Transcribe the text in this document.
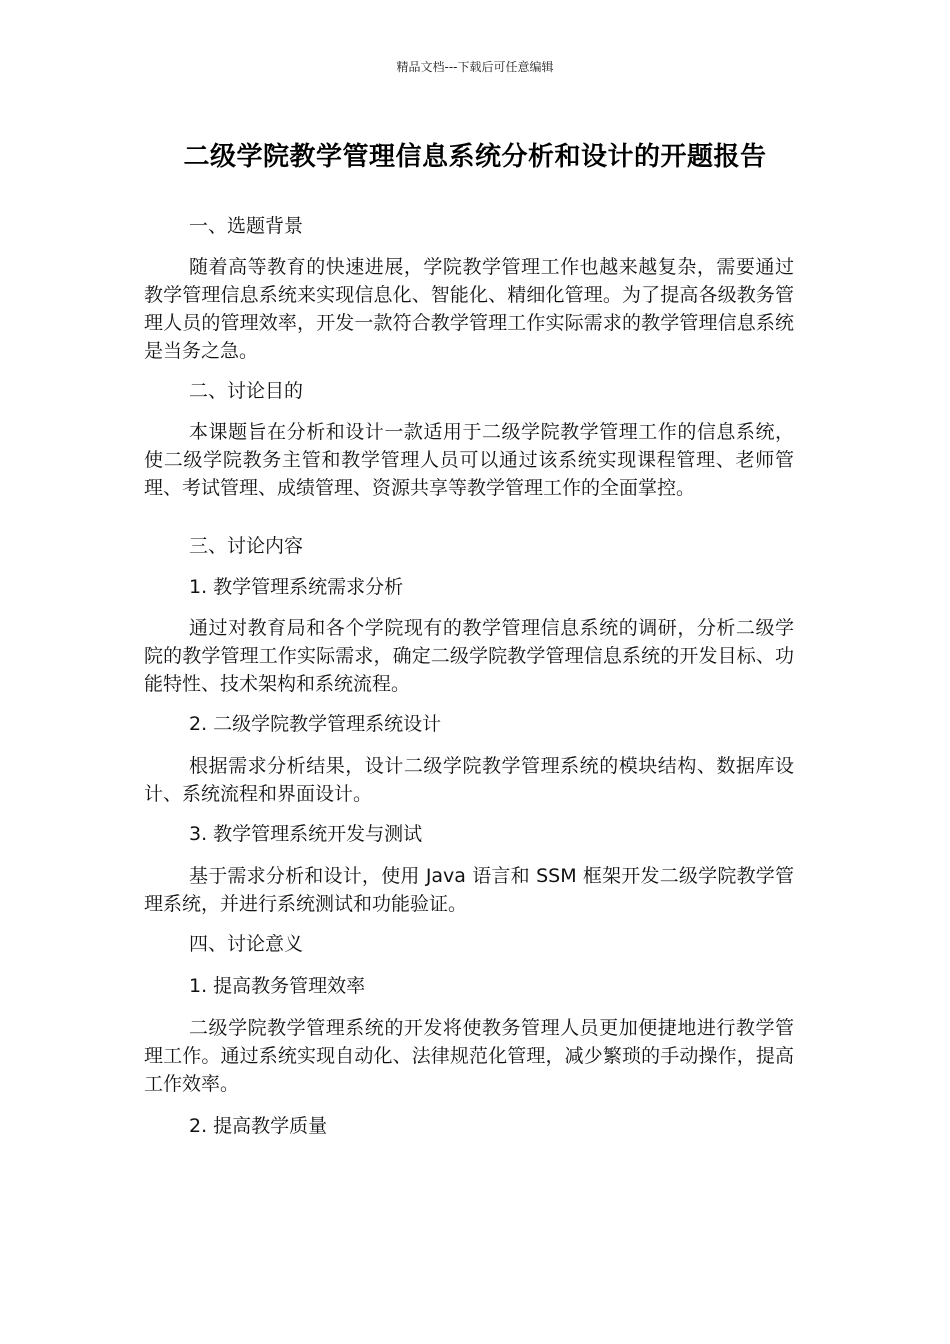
精品文档---下载后可任意编辑
二级学院教学管理信息系统分析和设计的开题报告

一、选题背景

随着高等教育的快速进展，学院教学管理工作也越来越复杂，需要通过教学管理信息系统来实现信息化、智能化、精细化管理。为了提高各级教务管理人员的管理效率，开发一款符合教学管理工作实际需求的教学管理信息系统是当务之急。

二、讨论目的

本课题旨在分析和设计一款适用于二级学院教学管理工作的信息系统，使二级学院教务主管和教学管理人员可以通过该系统实现课程管理、老师管理、考试管理、成绩管理、资源共享等教学管理工作的全面掌控。

三、讨论内容

1. 教学管理系统需求分析

通过对教育局和各个学院现有的教学管理信息系统的调研，分析二级学院的教学管理工作实际需求，确定二级学院教学管理信息系统的开发目标、功能特性、技术架构和系统流程。

2. 二级学院教学管理系统设计

根据需求分析结果，设计二级学院教学管理系统的模块结构、数据库设计、系统流程和界面设计。

3. 教学管理系统开发与测试

基于需求分析和设计，使用 Java 语言和 SSM 框架开发二级学院教学管理系统，并进行系统测试和功能验证。

四、讨论意义

1. 提高教务管理效率

二级学院教学管理系统的开发将使教务管理人员更加便捷地进行教学管理工作。通过系统实现自动化、法律规范化管理，减少繁琐的手动操作，提高工作效率。

2. 提高教学质量
